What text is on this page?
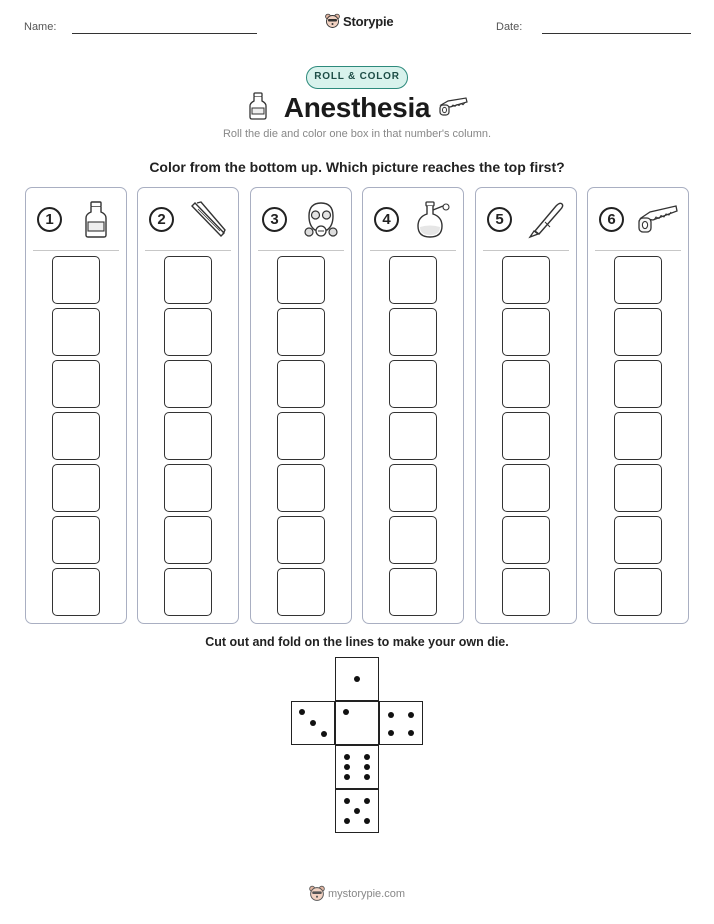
Name:	Date:
Storypie
ROLL & COLOR
Anesthesia
Roll the die and color one box in that number's column.
Color from the bottom up. Which picture reaches the top first?
1	2	3	4	5	6
Cut out and fold on the lines to make your own die.
mystorypie.com
